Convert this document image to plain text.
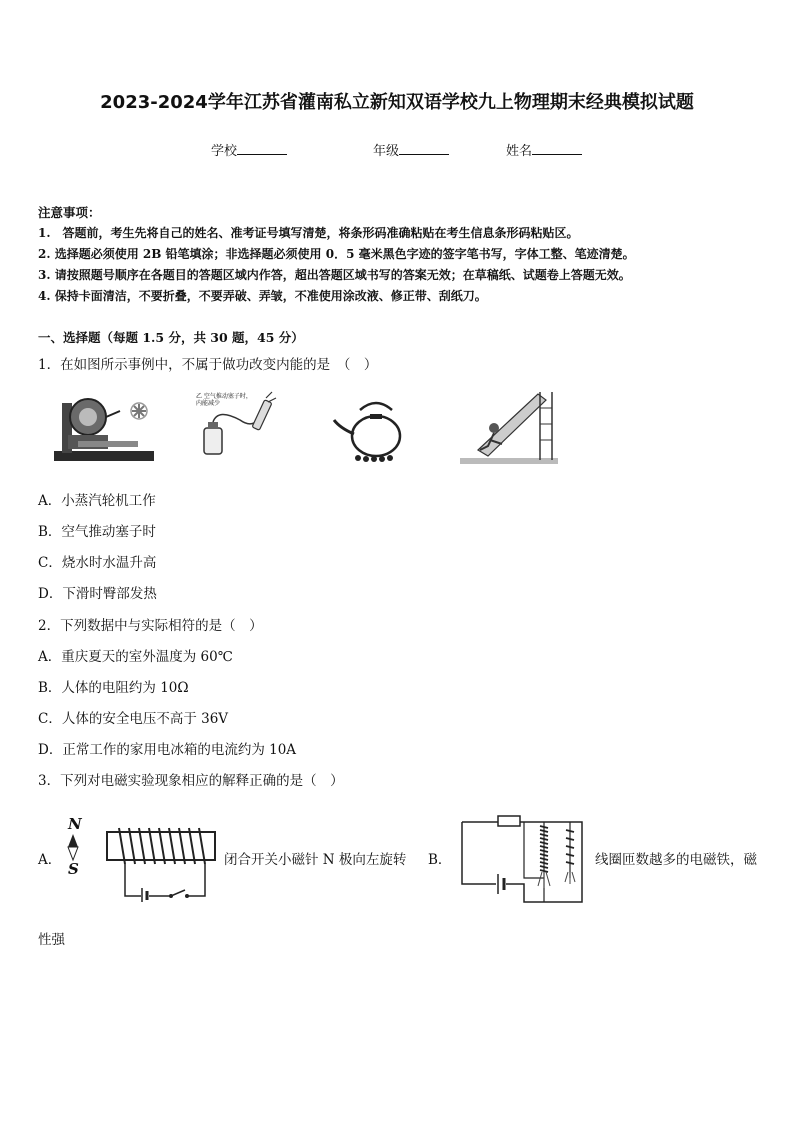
2023-2024学年江苏省灌南私立新知双语学校九上物理期末经典模拟试题
学校	年级	姓名
注意事项：
1.　答题前，考生先将自己的姓名、准考证号填写清楚，将条形码准确粘贴在考生信息条形码粘贴区。
2. 选择题必须使用 2B 铅笔填涂；非选择题必须使用 0．5 毫米黑色字迹的签字笔书写，字体工整、笔迹清楚。
3. 请按照题号顺序在各题目的答题区域内作答，超出答题区域书写的答案无效；在草稿纸、试题卷上答题无效。
4. 保持卡面清洁，不要折叠，不要弄破、弄皱，不准使用涂改液、修正带、刮纸刀。
一、选择题（每题 1.5 分，共 30 题，45 分）
1．在如图所示事例中，不属于做功改变内能的是　（　）
乙 空气推动塞子时，内能减少
A．小蒸汽轮机工作
B．空气推动塞子时
C．烧水时水温升高
D．下滑时臀部发热
2．下列数据中与实际相符的是（　）
A．重庆夏天的室外温度为 60℃
B．人体的电阻约为 10Ω
C．人体的安全电压不高于 36V
D．正常工作的家用电冰箱的电流约为 10A
3．下列对电磁实验现象相应的解释正确的是（　）
A．
N
S	闭合开关小磁针 N 极向左旋转 B．	线圈匝数越多的电磁铁，磁
性强
